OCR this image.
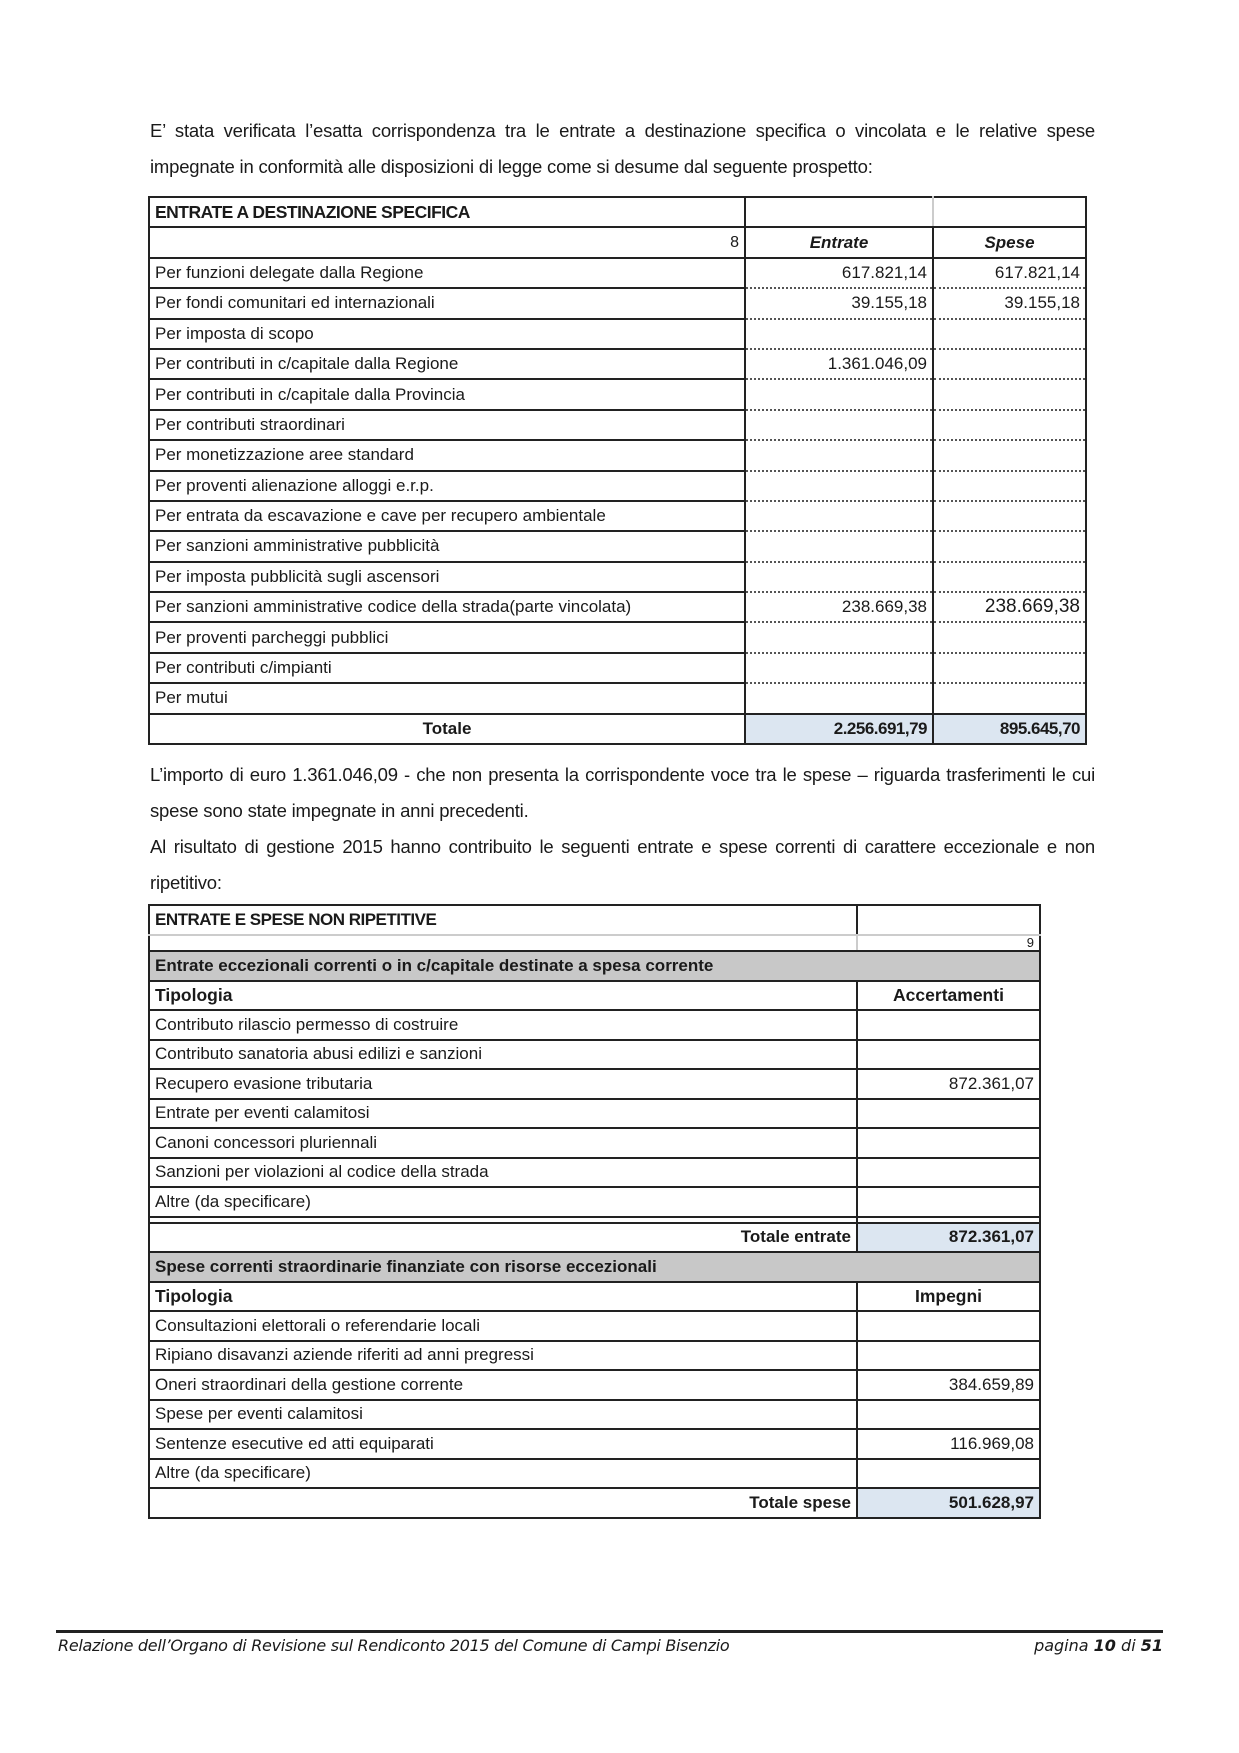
E’ stata verificata l’esatta corrispondenza tra le entrate a destinazione specifica o vincolata e le relative spese impegnate in conformità alle disposizioni di legge come si desume dal seguente prospetto:

ENTRATE A DESTINAZIONE SPECIFICA		
8	Entrate	Spese
Per funzioni delegate dalla Regione	617.821,14	617.821,14
Per fondi comunitari ed internazionali	39.155,18	39.155,18
Per imposta di scopo		
Per contributi in c/capitale dalla Regione	1.361.046,09	
Per contributi in c/capitale dalla Provincia		
Per contributi straordinari		
Per monetizzazione aree standard		
Per proventi alienazione alloggi e.r.p.		
Per entrata da escavazione e cave per recupero ambientale		
Per sanzioni amministrative pubblicità		
Per imposta pubblicità sugli ascensori		
Per sanzioni amministrative codice della strada(parte vincolata)	238.669,38	238.669,38
Per proventi parcheggi pubblici		
Per contributi c/impianti		
Per mutui		
Totale	2.256.691,79	895.645,70

L’importo di euro 1.361.046,09 - che non presenta la corrispondente voce tra le spese – riguarda trasferimenti le cui spese sono state impegnate in anni precedenti.

Al risultato di gestione 2015 hanno contribuito le seguenti entrate e spese correnti di carattere eccezionale e non ripetitivo:

ENTRATE E SPESE NON RIPETITIVE	
	9
Entrate eccezionali correnti o in c/capitale destinate a spesa corrente	
Tipologia	Accertamenti
Contributo rilascio permesso di costruire	
Contributo sanatoria abusi edilizi e sanzioni	
Recupero evasione tributaria	872.361,07
Entrate per eventi calamitosi	
Canoni concessori pluriennali	
Sanzioni per violazioni al codice della strada	
Altre (da specificare)	

Totale entrate	872.361,07
Spese correnti straordinarie finanziate con risorse eccezionali	
Tipologia	Impegni
Consultazioni elettorali o referendarie locali	
Ripiano disavanzi aziende riferiti ad anni pregressi	
Oneri straordinari della gestione corrente	384.659,89
Spese per eventi calamitosi	
Sentenze esecutive ed atti equiparati	116.969,08
Altre (da specificare)	
Totale spese	501.628,97
Relazione dell’Organo di Revisione sul Rendiconto 2015 del Comune di Campi Bisenzio	pagina 10 di 51
